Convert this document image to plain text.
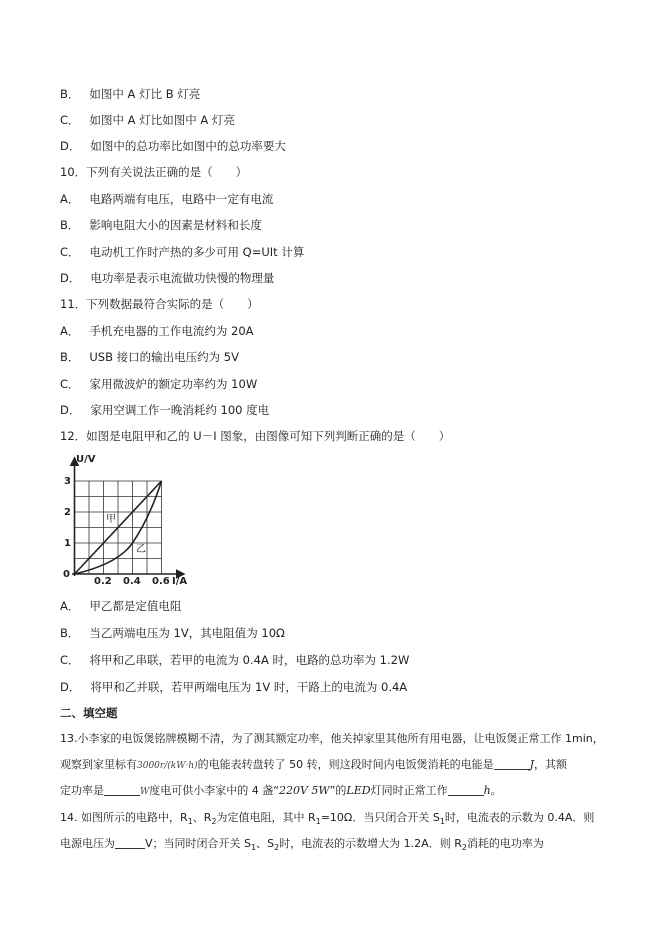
B． 如图中 A 灯比 B 灯亮
C． 如图中 A 灯比如图中 A 灯亮
D． 如图中的总功率比如图中的总功率要大
10．下列有关说法正确的是（　　）
A． 电路两端有电压，电路中一定有电流
B． 影响电阻大小的因素是材料和长度
C． 电动机工作时产热的多少可用 Q=UIt 计算
D． 电功率是表示电流做功快慢的物理量
11．下列数据最符合实际的是（　　）
A． 手机充电器的工作电流约为 20A
B． USB 接口的输出电压约为 5V
C． 家用微波炉的额定功率约为 10W
D． 家用空调工作一晚消耗约 100 度电
12．如图是电阻甲和乙的 U－I 图象，由图像可知下列判断正确的是（　　）
U/V
I/A
0
1
2
3
0.2 0.4 0.6
甲
乙
A． 甲乙都是定值电阻
B． 当乙两端电压为 1V，其电阻值为 10Ω
C． 将甲和乙串联，若甲的电流为 0.4A 时，电路的总功率为 1.2W
D． 将甲和乙并联，若甲两端电压为 1V 时，干路上的电流为 0.4A
二、填空题
13.小李家的电饭煲铭牌模糊不清，为了测其额定功率，他关掉家里其他所有用电器，让电饭煲正常工作 1min，
观察到家里标有3000r/(kW·h)的电能表转盘转了 50 转，则这段时间内电饭煲消耗的电能是	J，其额
定功率是	W度电可供小李家中的 4 盏“220V 5W”的LED灯同时正常工作	h。
14. 如图所示的电路中，$R_1$、$R_2$为定值电阻，其中 $R_1=10\Omega$．当只闭合开关 $S_1$时，电流表的示数为 0.4A．则
电源电压为	V；当同时闭合开关 $S_1$、$S_2$时，电流表的示数增大为 1.2A．则 $R_2$消耗的电功率为
